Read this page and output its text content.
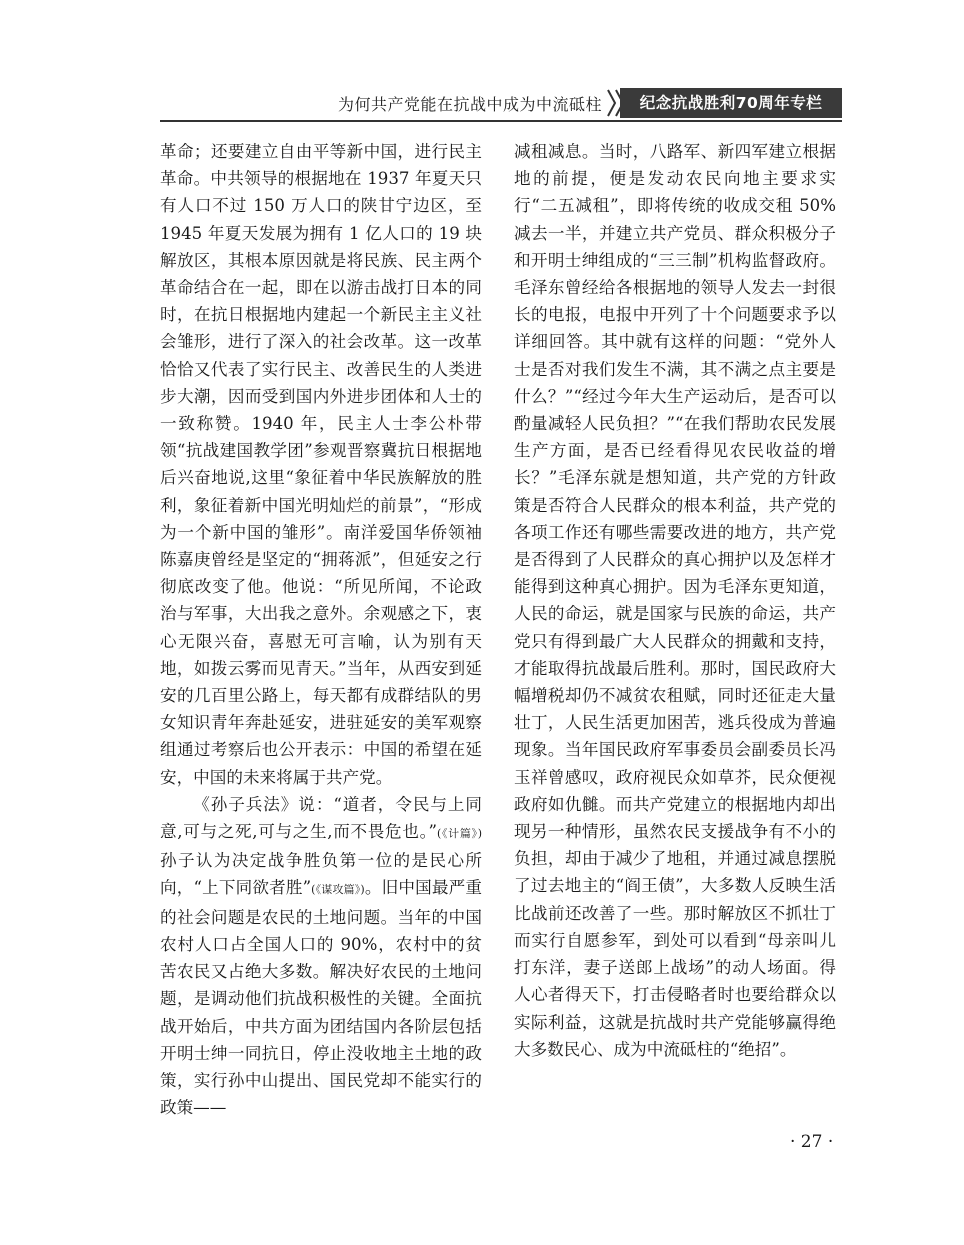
为何共产党能在抗战中成为中流砥柱	纪念抗战胜利70周年专栏

革命；还要建立自由平等新中国，进行民主革命。中共领导的根据地在 1937 年夏天只有人口不过 150 万人口的陕甘宁边区，至 1945 年夏天发展为拥有 1 亿人口的 19 块解放区，其根本原因就是将民族、民主两个革命结合在一起，即在以游击战打日本的同时，在抗日根据地内建起一个新民主主义社会雏形，进行了深入的社会改革。这一改革恰恰又代表了实行民主、改善民生的人类进步大潮，因而受到国内外进步团体和人士的一致称赞。1940 年，民主人士李公朴带领“抗战建国教学团”参观晋察冀抗日根据地后兴奋地说,这里“象征着中华民族解放的胜利，象征着新中国光明灿烂的前景”，“形成为一个新中国的雏形”。南洋爱国华侨领袖陈嘉庚曾经是坚定的“拥蒋派”，但延安之行彻底改变了他。他说：“所见所闻，不论政治与军事，大出我之意外。余观感之下，衷心无限兴奋，喜慰无可言喻，认为别有天地，如拨云雾而见青天。”当年，从西安到延安的几百里公路上，每天都有成群结队的男女知识青年奔赴延安，进驻延安的美军观察组通过考察后也公开表示：中国的希望在延安，中国的未来将属于共产党。

《孙子兵法》说：“道者，令民与上同意,可与之死,可与之生,而不畏危也。”(《计篇》)孙子认为决定战争胜负第一位的是民心所向，“上下同欲者胜”(《谋攻篇》)。旧中国最严重的社会问题是农民的土地问题。当年的中国农村人口占全国人口的 90%，农村中的贫苦农民又占绝大多数。解决好农民的土地问题，是调动他们抗战积极性的关键。全面抗战开始后，中共方面为团结国内各阶层包括开明士绅一同抗日，停止没收地主土地的政策，实行孙中山提出、国民党却不能实行的政策——

减租减息。当时，八路军、新四军建立根据地的前提，便是发动农民向地主要求实行“二五减租”，即将传统的收成交租 50% 减去一半，并建立共产党员、群众积极分子和开明士绅组成的“三三制”机构监督政府。毛泽东曾经给各根据地的领导人发去一封很长的电报，电报中开列了十个问题要求予以详细回答。其中就有这样的问题：“党外人士是否对我们发生不满，其不满之点主要是什么？”“经过今年大生产运动后，是否可以酌量减轻人民负担？”“在我们帮助农民发展生产方面，是否已经看得见农民收益的增长？”毛泽东就是想知道，共产党的方针政策是否符合人民群众的根本利益，共产党的各项工作还有哪些需要改进的地方，共产党是否得到了人民群众的真心拥护以及怎样才能得到这种真心拥护。因为毛泽东更知道，人民的命运，就是国家与民族的命运，共产党只有得到最广大人民群众的拥戴和支持，才能取得抗战最后胜利。那时，国民政府大幅增税却仍不减贫农租赋，同时还征走大量壮丁，人民生活更加困苦，逃兵役成为普遍现象。当年国民政府军事委员会副委员长冯玉祥曾感叹，政府视民众如草芥，民众便视政府如仇雠。而共产党建立的根据地内却出现另一种情形，虽然农民支援战争有不小的负担，却由于减少了地租，并通过减息摆脱了过去地主的“阎王债”，大多数人反映生活比战前还改善了一些。那时解放区不抓壮丁而实行自愿参军，到处可以看到“母亲叫儿打东洋，妻子送郎上战场”的动人场面。得人心者得天下，打击侵略者时也要给群众以实际利益，这就是抗战时共产党能够赢得绝大多数民心、成为中流砥柱的“绝招”。

· 27 ·
